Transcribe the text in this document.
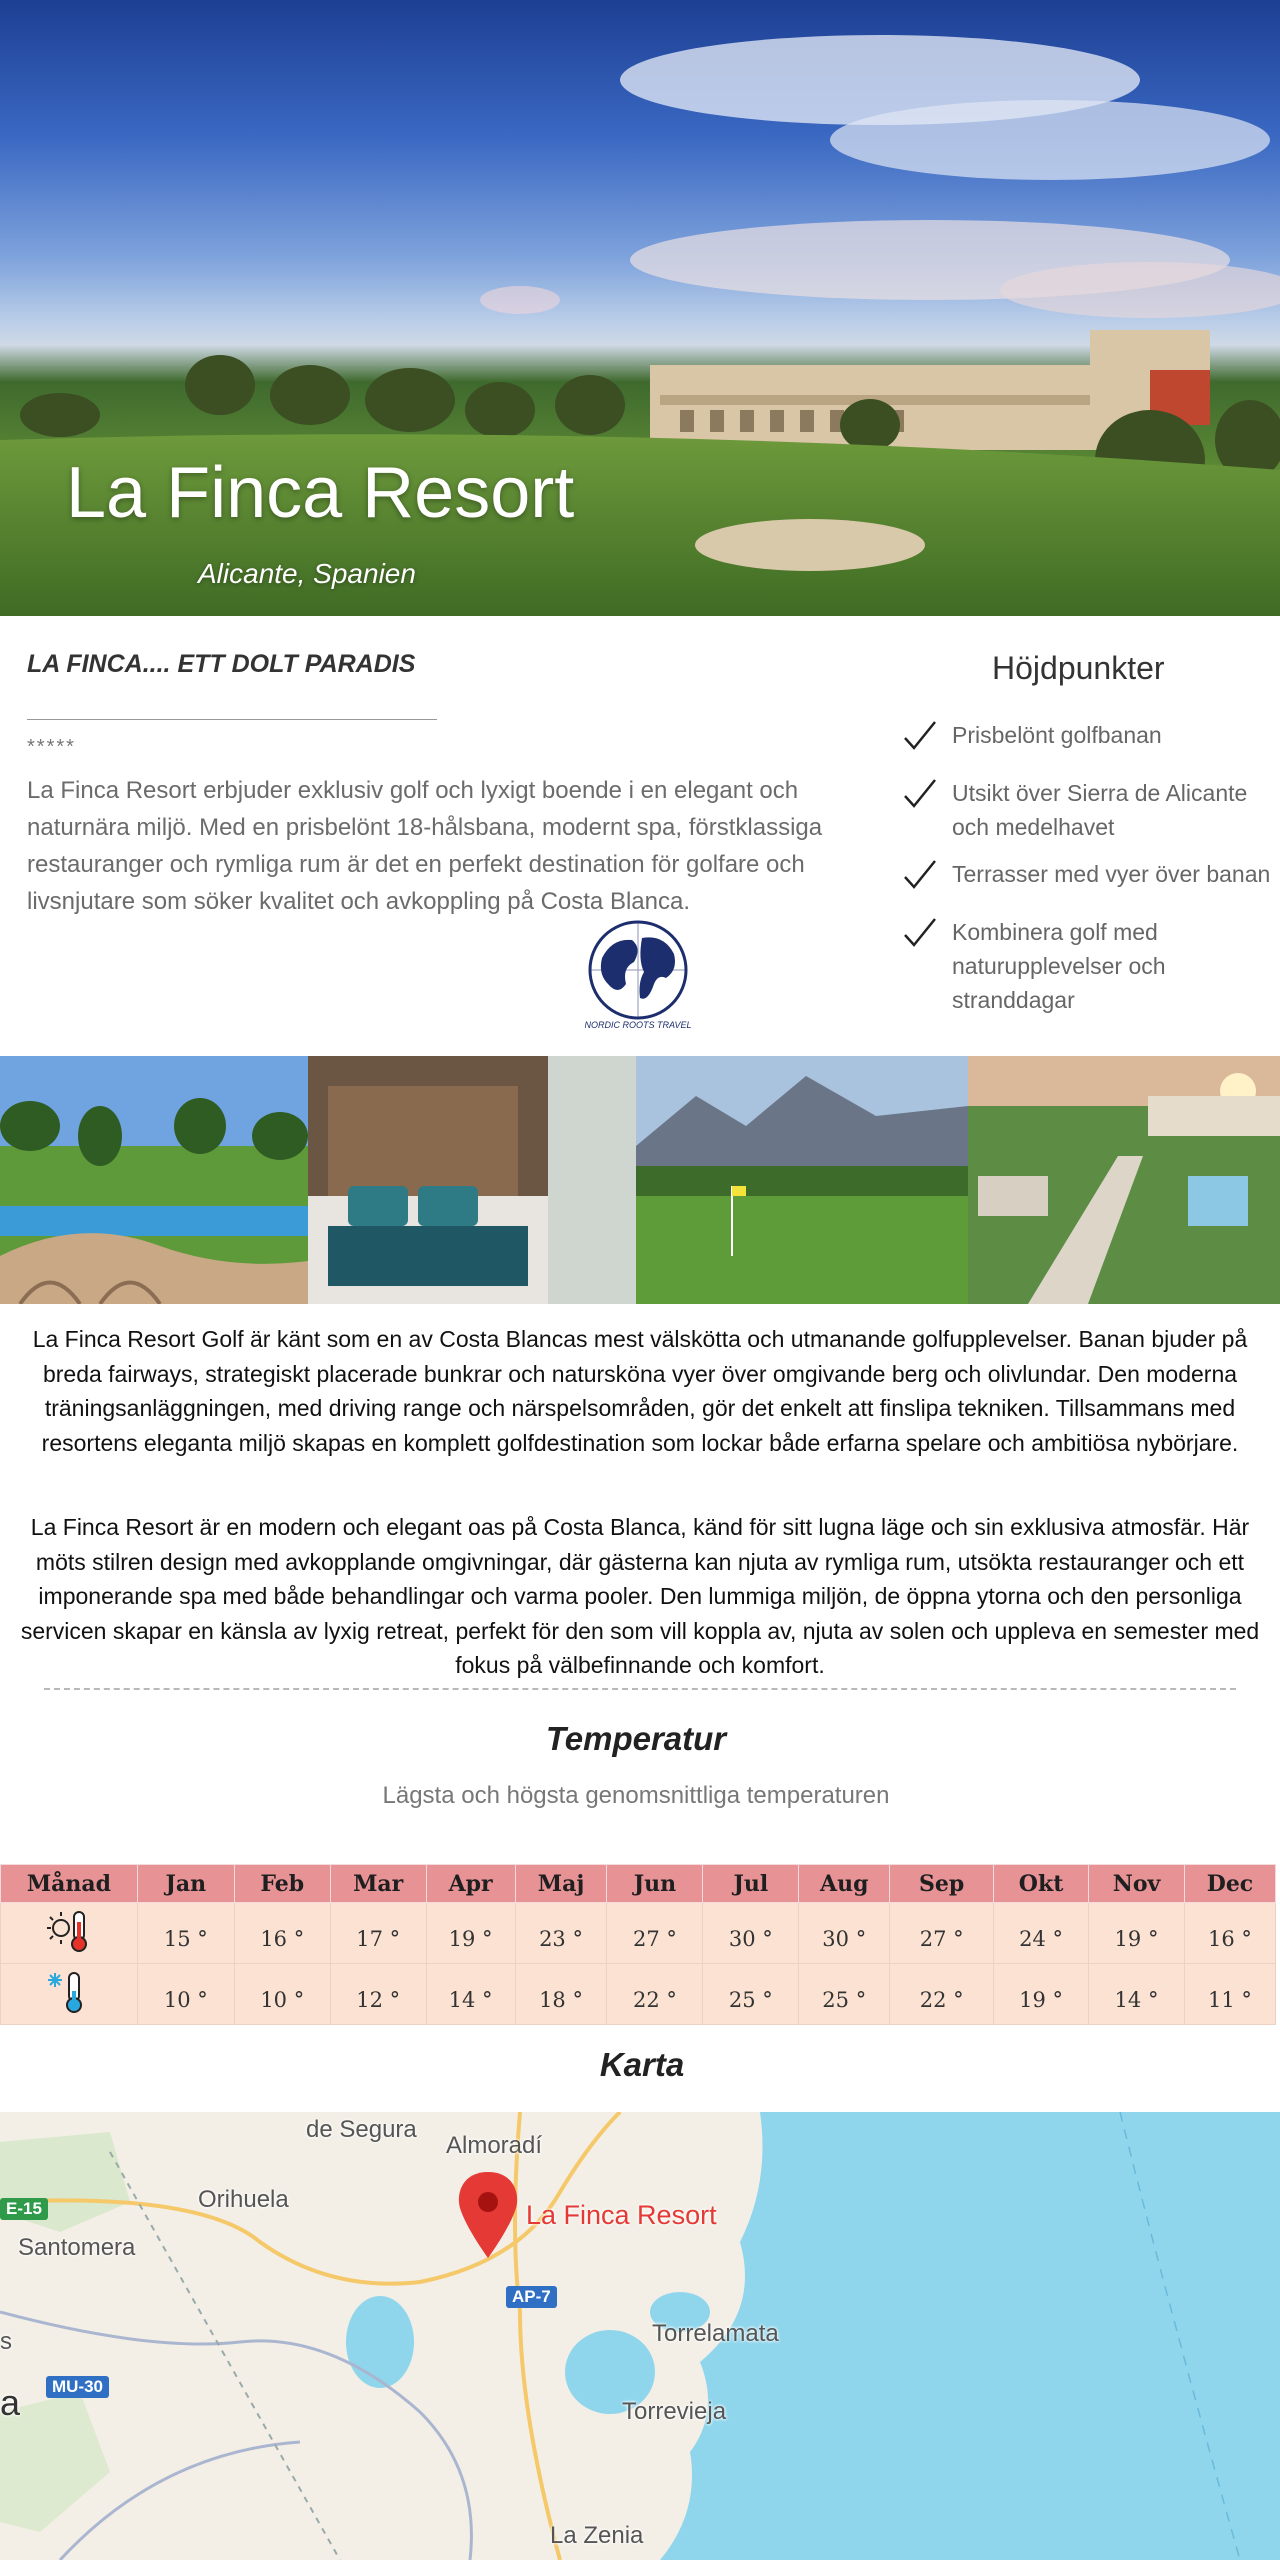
La Finca Resort
Alicante, Spanien
LA FINCA.... ETT DOLT PARADIS
*****
La Finca Resort erbjuder exklusiv golf och lyxigt boende i en elegant och naturnära miljö. Med en prisbelönt 18-hålsbana, modernt spa, förstklassiga restauranger och rymliga rum är det en perfekt destination för golfare och livsnjutare som söker kvalitet och avkoppling på Costa Blanca.
NORDIC ROOTS TRAVEL
Höjdpunkter
Prisbelönt golfbanan
Utsikt över Sierra de Alicante och medelhavet
Terrasser med vyer över banan
Kombinera golf med naturupplevelser och stranddagar
La Finca Resort Golf är känt som en av Costa Blancas mest välskötta och utmanande golfupplevelser. Banan bjuder på breda fairways, strategiskt placerade bunkrar och natursköna vyer över omgivande berg och olivlundar. Den moderna träningsanläggningen, med driving range och närspelsområden, gör det enkelt att finslipa tekniken. Tillsammans med resortens eleganta miljö skapas en komplett golfdestination som lockar både erfarna spelare och ambitiösa nybörjare.
La Finca Resort är en modern och elegant oas på Costa Blanca, känd för sitt lugna läge och sin exklusiva atmosfär. Här möts stilren design med avkopplande omgivningar, där gästerna kan njuta av rymliga rum, utsökta restauranger och ett imponerande spa med både behandlingar och varma pooler. Den lummiga miljön, de öppna ytorna och den personliga servicen skapar en känsla av lyxig retreat, perfekt för den som vill koppla av, njuta av solen och uppleva en semester med fokus på välbefinnande och komfort.
Temperatur
Lägsta och högsta genomsnittliga temperaturen
Månad	Jan	Feb	Mar	Apr	Maj	Jun	Jul	Aug	Sep	Okt	Nov	Dec
	15 °	16 °	17 °	19 °	23 °	27 °	30 °	30 °	27 °	24 °	19 °	16 °
	10 °	10 °	12 °	14 °	18 °	22 °	25 °	25 °	22 °	19 °	14 °	11 °
Karta
La Finca Resort
de Segura
Almoradí
Orihuela
Santomera
Torrelamata
Torrevieja
La Zenia
s
a
E-15
AP-7
MU-30
